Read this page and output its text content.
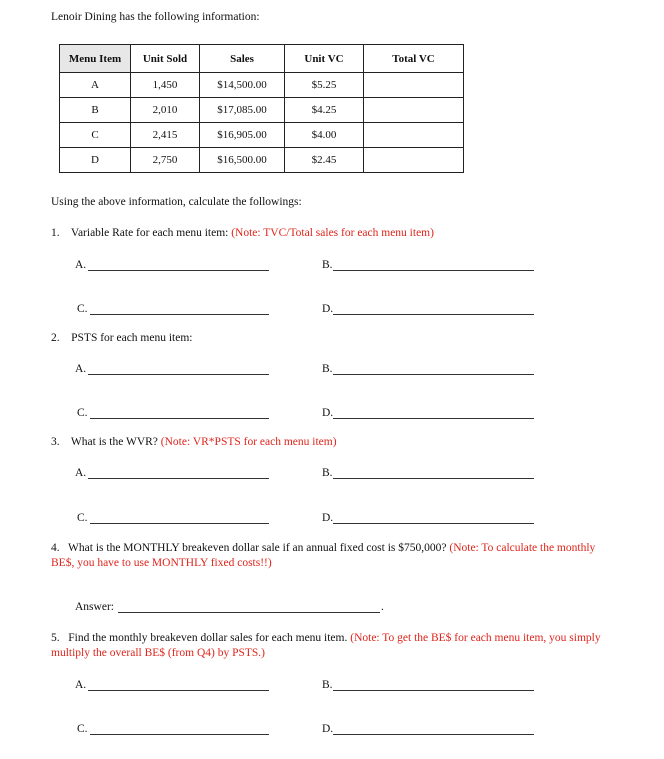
Lenoir Dining has the following information:
Menu Item	Unit Sold	Sales	Unit VC	Total VC
A	1,450	$14,500.00	$5.25	
B	2,010	$17,085.00	$4.25	
C	2,415	$16,905.00	$4.00	
D	2,750	$16,500.00	$2.45	
Using the above information, calculate the followings:
1. Variable Rate for each menu item: (Note: TVC/Total sales for each menu item)
A.	B.
C.	D.
2. PSTS for each menu item:
A.	B.
C.	D.
3. What is the WVR? (Note: VR*PSTS for each menu item)
A.	B.
C.	D.
4. What is the MONTHLY breakeven dollar sale if an annual fixed cost is $750,000? (Note: To calculate the monthly BE$, you have to use MONTHLY fixed costs!!)
Answer:	.
5. Find the monthly breakeven dollar sales for each menu item. (Note: To get the BE$ for each menu item, you simply multiply the overall BE$ (from Q4) by PSTS.)
A.	B.
C.	D.
